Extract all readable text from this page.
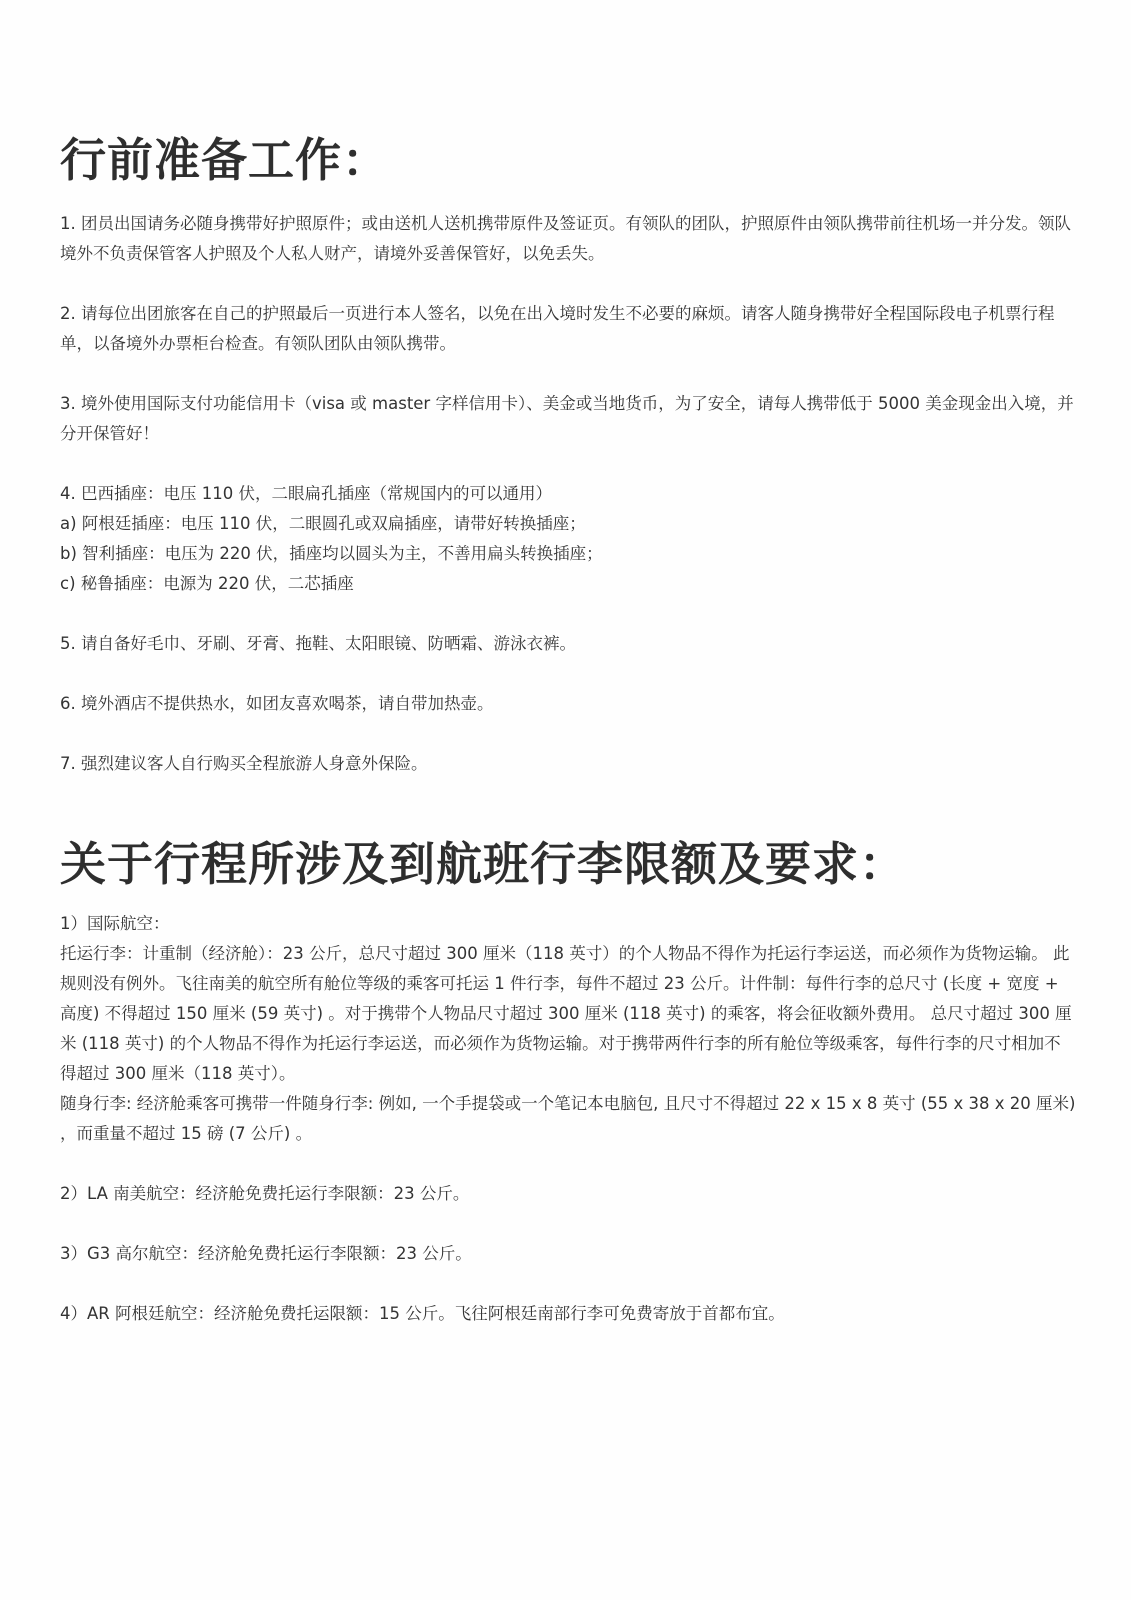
行前准备工作：

1. 团员出国请务必随身携带好护照原件；或由送机人送机携带原件及签证页。有领队的团队，护照原件由领队携带前往机场一并分发。领队境外不负责保管客人护照及个人私人财产，请境外妥善保管好，以免丢失。

2. 请每位出团旅客在自己的护照最后一页进行本人签名，以免在出入境时发生不必要的麻烦。请客人随身携带好全程国际段电子机票行程单，以备境外办票柜台检查。有领队团队由领队携带。

3. 境外使用国际支付功能信用卡（visa 或 master 字样信用卡）、美金或当地货币，为了安全，请每人携带低于 5000 美金现金出入境，并分开保管好！

4. 巴西插座：电压 110 伏，二眼扁孔插座（常规国内的可以通用）

a) 阿根廷插座：电压 110 伏，二眼圆孔或双扁插座，请带好转换插座；

b) 智利插座：电压为 220 伏，插座均以圆头为主，不善用扁头转换插座；

c) 秘鲁插座：电源为 220 伏，二芯插座

5. 请自备好毛巾、牙刷、牙膏、拖鞋、太阳眼镜、防晒霜、游泳衣裤。

6. 境外酒店不提供热水，如团友喜欢喝茶，请自带加热壶。

7. 强烈建议客人自行购买全程旅游人身意外保险。

关于行程所涉及到航班行李限额及要求：

1）国际航空：

托运行李：计重制（经济舱）：23 公斤，总尺寸超过 300 厘米（118 英寸）的个人物品不得作为托运行李运送，而必须作为货物运输。 此规则没有例外。飞往南美的航空所有舱位等级的乘客可托运 1 件行李，每件不超过 23 公斤。计件制：每件行李的总尺寸 (长度 + 宽度 + 高度) 不得超过 150 厘米 (59 英寸) 。对于携带个人物品尺寸超过 300 厘米 (118 英寸) 的乘客，将会征收额外费用。 总尺寸超过 300 厘米 (118 英寸) 的个人物品不得作为托运行李运送，而必须作为货物运输。对于携带两件行李的所有舱位等级乘客，每件行李的尺寸相加不得超过 300 厘米（118 英寸）。

随身行李: 经济舱乘客可携带一件随身行李: 例如, 一个手提袋或一个笔记本电脑包, 且尺寸不得超过 22 x 15 x 8 英寸 (55 x 38 x 20 厘米) ，而重量不超过 15 磅 (7 公斤) 。

2）LA 南美航空：经济舱免费托运行李限额：23 公斤。

3）G3 高尔航空：经济舱免费托运行李限额：23 公斤。

4）AR 阿根廷航空：经济舱免费托运限额：15 公斤。飞往阿根廷南部行李可免费寄放于首都布宜。
